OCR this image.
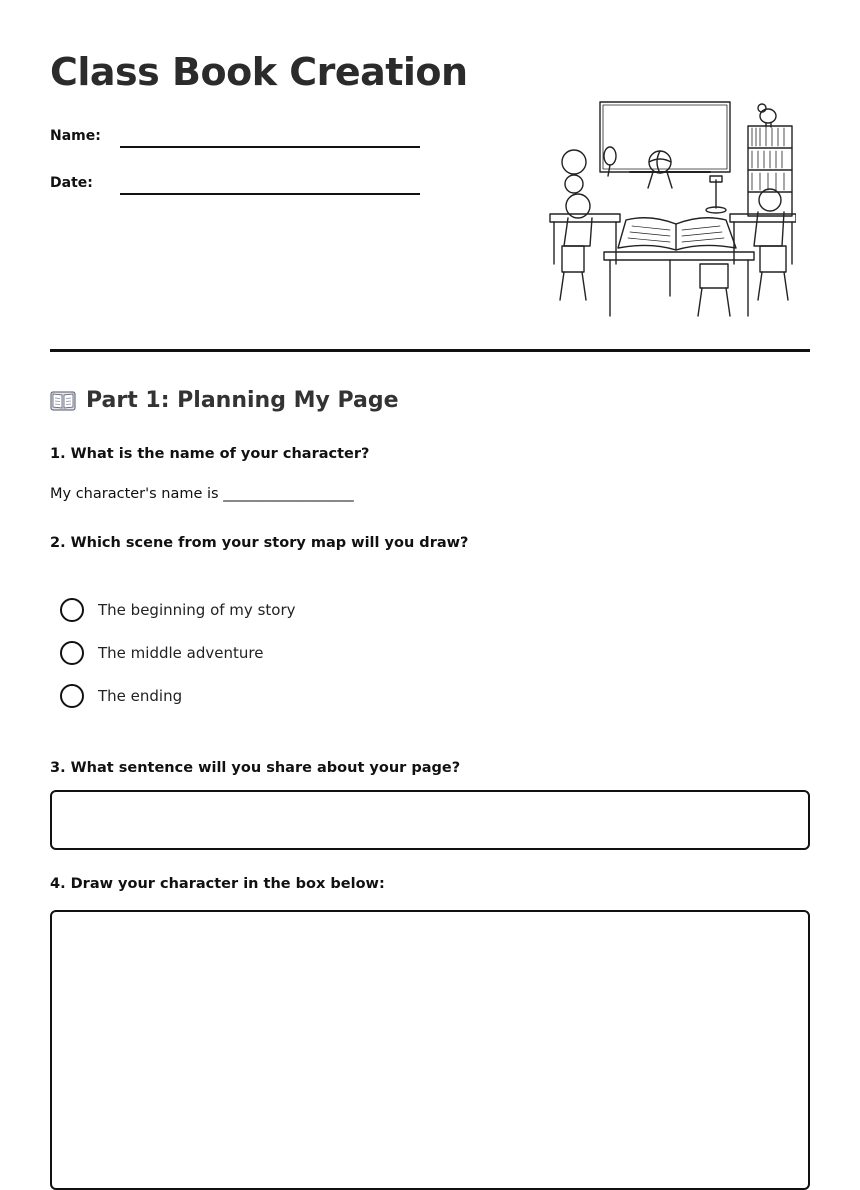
Class Book Creation
Name:
Date:
Part 1: Planning My Page

1. What is the name of your character?

My character's name is __________________

2. Which scene from your story map will you draw?

The beginning of my story
The middle adventure
The ending

3. What sentence will you share about your page?

4. Draw your character in the box below:
